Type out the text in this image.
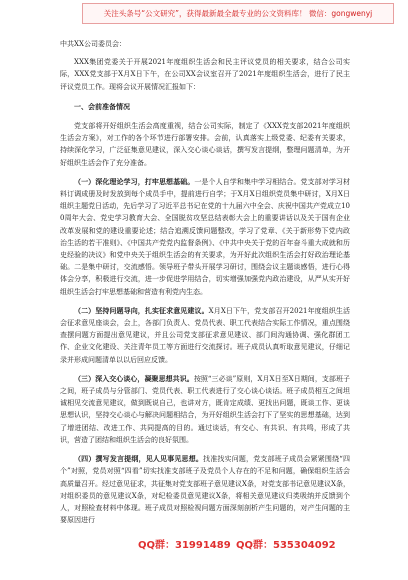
关注头条号“公文研究”，获得最新最全最专业的公文资料库！ 微信：gongwenyj

中共XX公司委员会：

XXX集团党委关于开展2021年度组织生活会和民主评议党员的相关要求，结合公司实际，XXX党支部于X月X日下午，在公司XX会议室召开了2021年度组织生活会，进行了民主评议党员工作。现将会议开展情况汇报如下：

一、会前准备情况

党支部将开好组织生活会高度重视，结合公司实际，制定了《XXX党支部2021年度组织生活会方案》，对工作的各个环节进行部署安排。会前，认真落实上级党委、纪委有关要求，持续深化学习，广泛征集意见建议，深入交心谈心谈话，撰写发言提纲，整理问题清单，为开好组织生活会作了充分准备。

（一）深化理论学习，打牢思想基础。一是个人自学和集中学习相结合。党支部对学习材料订调成册及时发放到每个成员手中，提前进行自学；于X月X日组织党员集中研讨，X月X日组织主题党日活动，先后学习了习近平总书记在党的十九届六中全会、庆祝中国共产党成立100周年大会、党史学习教育大会、全国脱贫攻坚总结表彰大会上的重要讲话以及关于国有企业改革发展和党的建设重要论述；结合追溯反馈问题整改，学习了党章、《关于新形势下党内政治生活的若干准则》、《中国共产党党内监督条例》、《中共中央关于党的百年奋斗重大成就和历史经验的决议》和党中央关于组织生活会的有关要求，为开好此次组织生活会打好政治理论基础。二是集中研讨，交流感悟。领导班子带头开展学习研讨，围绕会议主题谈感悟，进行心得体会分享，积极进行交流，进一步促进学用结合，切实增强加强党内政治建设，从严从实开好组织生活会打牢思想基础和营造有利党内生态。

（二）坚持问题导向，扎实征求意见建议。X月X日下午，党支部召开2021年度组织生活会征求意见座谈会，会上，各部门负责人、党员代表、职工代表结合实际工作情况，重点围绕查摆问题方面提出意见建议，并且公司党支部征求意见建议、部门间沟通协调、强化群团工作、企业文化建设、关注青年员工等方面进行交流探讨。班子成员认真听取意见建议，仔细记录并形成问题清单以以后回应反馈。

（三）深入交心谈心，凝聚思想共识。按照“三必谈”原则，X月X日至X日期间，支部班子之间，班子成员与分管部门、党员代表、职工代表进行了交心谈心谈话。班子成员相互之间坦诚相见交流意见建议，做到既说自己，也讲对方，既肯定成绩、更找出问题，既谈工作、更谈思想认识，坚持交心谈心与解决问题相结合，为开好组织生活会打下了坚实的思想基础，达到了增进团结、改进工作、共同提高的目的。通过谈话，有交心、有共识、有共鸣，形成了共识，营造了团结和组织生活会的良好氛围。

（四）撰写发言提纲，见人见事见思想。找准找实问题，党支部班子成员会紧紧围绕“四个”对照，党员对照“四看”切实找准支部班子及党员个人存在的不足和问题，确保组织生活会高质量召开。经过意见征求，共征集对党支部班子意见建议X条，对党支部书记意见建议X条，对组织委员的意见建议X条，对纪检委员意见建议X条，将相关意见建议归类吸纳并反馈到个人，对照检查材料中体现。班子成员对照检视问题方面深刻剖析产生问题的，对产生问题的主要原因进行

QQ群：31991489 QQ群：535304092
